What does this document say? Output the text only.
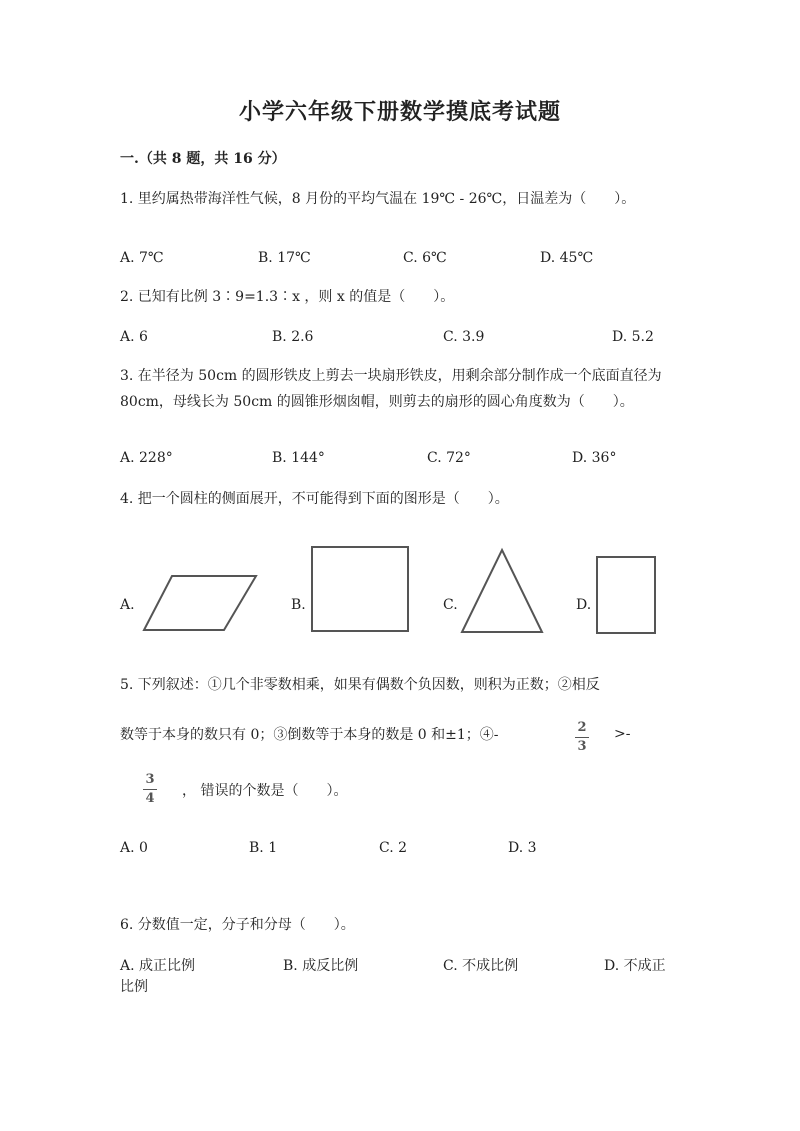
小学六年级下册数学摸底考试题
一.（共 8 题，共 16 分）
1. 里约属热带海洋性气候，8 月份的平均气温在 19℃ - 26℃，日温差为（　　）。
A. 7℃	B. 17℃	C. 6℃	D. 45℃
2. 已知有比例 3∶9=1.3∶x ，则 x 的值是（　　）。
A. 6	B. 2.6	C. 3.9	D. 5.2
3. 在半径为 50cm 的圆形铁皮上剪去一块扇形铁皮，用剩余部分制作成一个底面直径为 80cm，母线长为 50cm 的圆锥形烟囱帽，则剪去的扇形的圆心角度数为（　　）。
A. 228°	B. 144°	C. 72°	D. 36°
4. 把一个圆柱的侧面展开，不可能得到下面的图形是（　　）。
A.	B.	C.	D.
5. 下列叙述：①几个非零数相乘，如果有偶数个负因数，则积为正数；②相反
数等于本身的数只有 0；③倒数等于本身的数是 0 和±1；④-	2
3
>-
3
4	， 错误的个数是（　　）。
A. 0	B. 1	C. 2	D. 3
6. 分数值一定，分子和分母（　　）。
A. 成正比例	B. 成反比例	C. 不成比例	D. 不成正
比例
